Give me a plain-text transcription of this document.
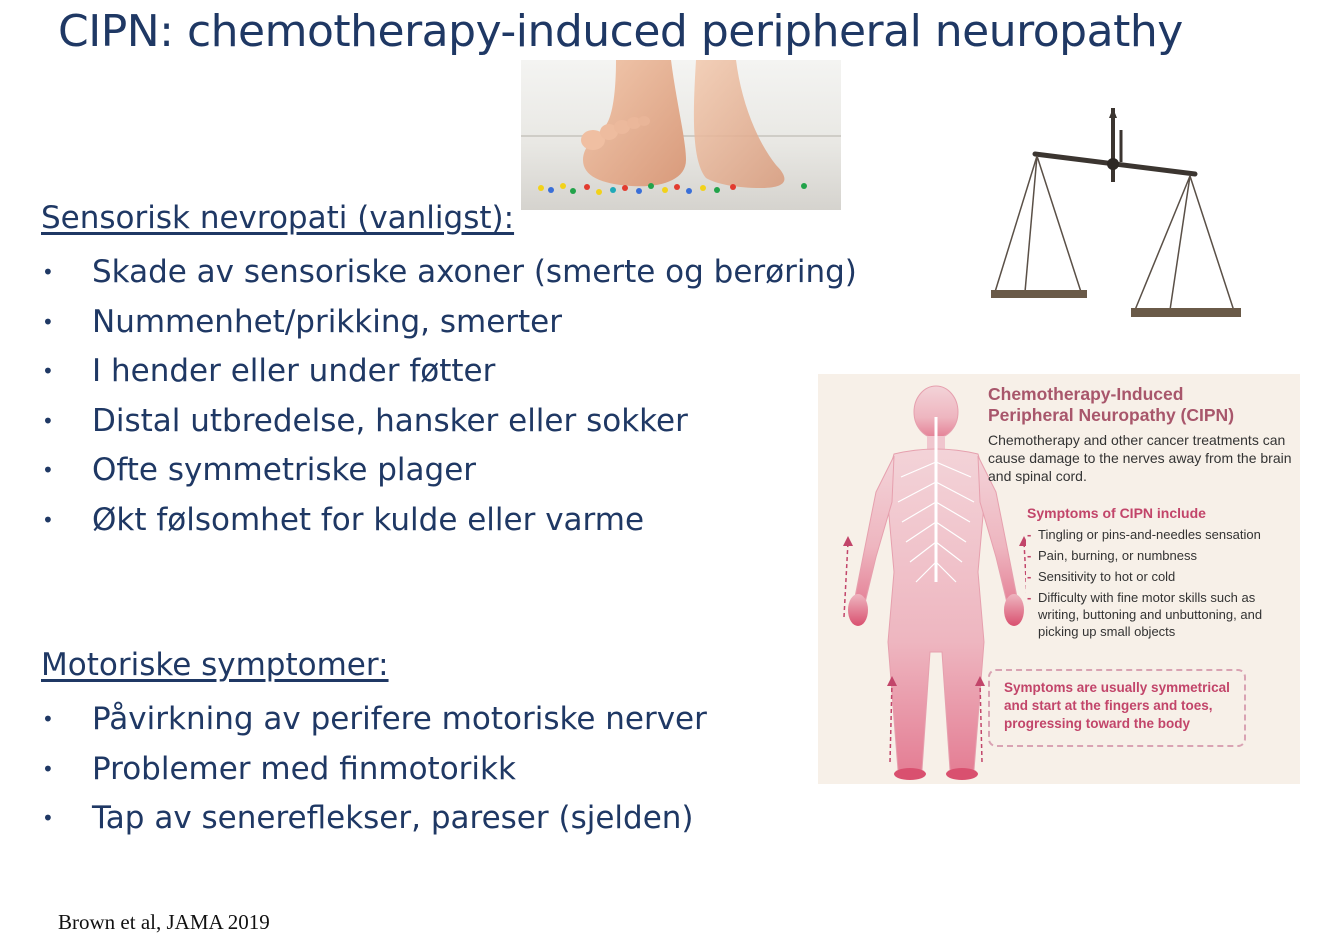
CIPN: chemotherapy-induced peripheral neuropathy
Sensorisk nevropati (vanligst):
• Skade av sensoriske axoner (smerte og berøring)
• Nummenhet/prikking, smerter
• I hender eller under føtter
• Distal utbredelse, hansker eller sokker
• Ofte symmetriske plager
• Økt følsomhet for kulde eller varme
Motoriske symptomer:
• Påvirkning av perifere motoriske nerver
• Problemer med finmotorikk
• Tap av senereflekser, pareser (sjelden)
Chemotherapy-Induced
Peripheral Neuropathy (CIPN)
Chemotherapy and other cancer treatments can cause damage to the nerves away from the brain and spinal cord.
Symptoms of CIPN include
- Tingling or pins-and-needles sensation
- Pain, burning, or numbness
- Sensitivity to hot or cold
- Difficulty with fine motor skills such as writing, buttoning and unbuttoning, and picking up small objects
Symptoms are usually symmetrical and start at the fingers and toes, progressing toward the body
Brown et al, JAMA 2019
